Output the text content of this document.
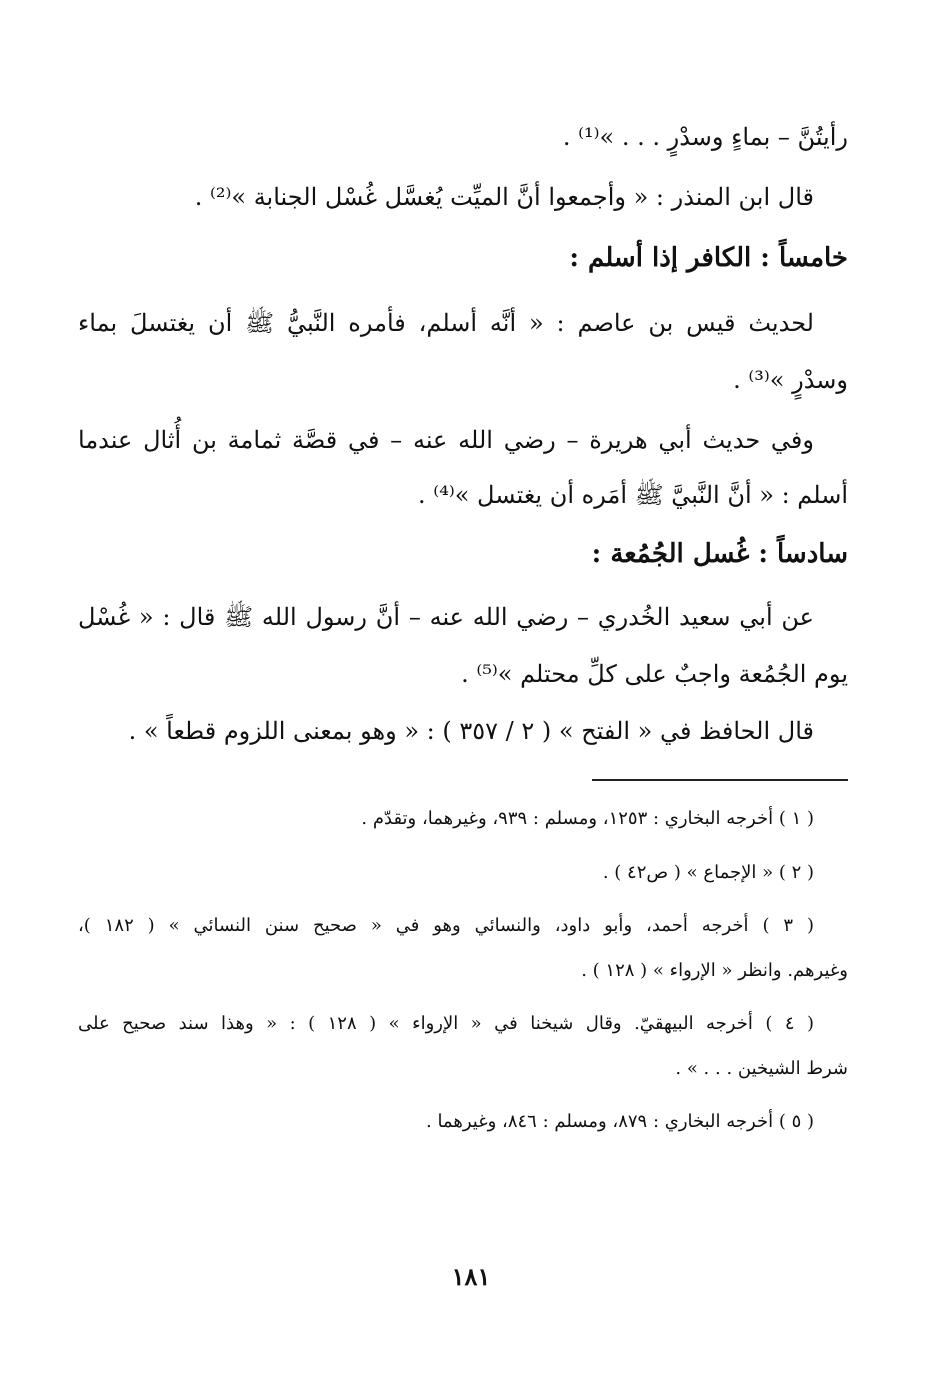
رأيتُنَّ – بماءٍ وسدْرٍ . . . »⁽¹⁾ .
قال ابن المنذر : « وأجمعوا أنَّ الميِّت يُغسَّل غُسْل الجنابة »⁽²⁾ .
خامساً : الكافر إذا أسلم :
لحديث قيس بن عاصم : « أنَّه أسلم، فأمره النَّبيُّ ﷺ أن يغتسلَ بماء
وسدْرٍ »⁽³⁾ .
وفي حديث أبي هريرة – رضي الله عنه – في قصَّة ثمامة بن أُثال عندما
أسلم : « أنَّ النَّبيَّ ﷺ أمَره أن يغتسل »⁽⁴⁾ .
سادساً : غُسل الجُمُعة :
عن أبي سعيد الخُدري – رضي الله عنه – أنَّ رسول الله ﷺ قال : « غُسْل
يوم الجُمُعة واجبٌ على كلِّ محتلم »⁽⁵⁾ .
قال الحافظ في « الفتح » ( ٢ / ٣٥٧ ) : « وهو بمعنى اللزوم قطعاً » .
( ١ ) أخرجه البخاري : ١٢٥٣، ومسلم : ٩٣٩، وغيرهما، وتقدّم .
( ٢ ) « الإجماع » ( ص٤٢ ) .
( ٣ ) أخرجه أحمد، وأبو داود، والنسائي وهو في « صحيح سنن النسائي » ( ١٨٢ )،
وغيرهم. وانظر « الإرواء » ( ١٢٨ ) .
( ٤ ) أخرجه البيهقيّ. وقال شيخنا في « الإرواء » ( ١٢٨ ) : « وهذا سند صحيح على
شرط الشيخين . . . » .
( ٥ ) أخرجه البخاري : ٨٧٩، ومسلم : ٨٤٦، وغيرهما .
١٨١
